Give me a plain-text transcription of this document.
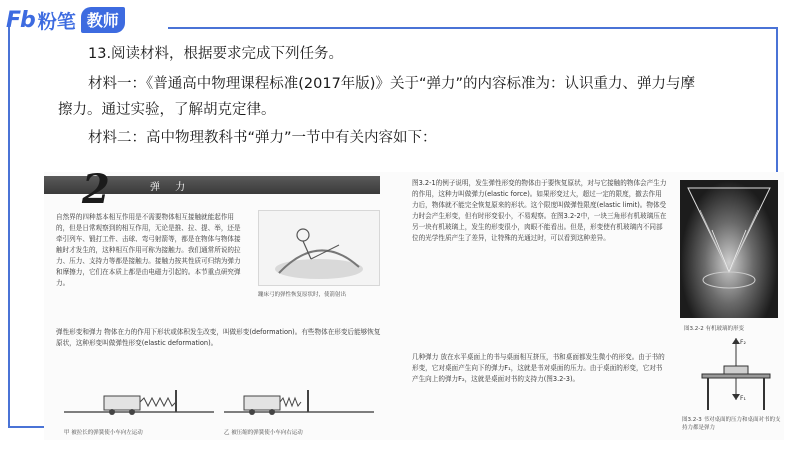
Fb 粉笔 教师
13.阅读材料，根据要求完成下列任务。
材料一：《普通高中物理课程标准(2017年版)》关于“弹力”的内容标准为：认识重力、弹力与摩
擦力。通过实验，了解胡克定律。
材料二：高中物理教科书“弹力”一节中有关内容如下：
2	弹 力
自然界的四种基本相互作用是不需要物体相互接触就能起作用的，但是日常观察到的相互作用，无论是推、拉、提、举，还是牵引列车、锻打工件、击球、弯弓射箭等，都是在物体与物体接触时才发生的，这种相互作用可称为接触力。我们通常所说的拉力、压力、支持力等都是接触力。接触力按其性质可归纳为弹力和摩擦力，它们在本质上都是由电磁力引起的。本节重点研究弹力。
蹦床弓的弹性恢复原状时，使箭射出
弹性形变和弹力 物体在力的作用下形状或体积发生改变，叫做形变(deformation)。有些物体在形变后能够恢复原状，这种形变叫做弹性形变(elastic deformation)。
甲 被拉长的弹簧使小车向左运动	乙 被压缩的弹簧使小车向右运动
图3.2-1的例子说明，发生弹性形变的物体由于要恢复原状，对与它接触的物体会产生力的作用，这种力叫做弹力(elastic force)。如果形变过大，超过一定的限度，撤去作用力后，物体就不能完全恢复原来的形状。这个限度叫做弹性限度(elastic limit)。物体受力时会产生形变，但有时形变很小，不易观察。在图3.2-2中，一块三角形有机玻璃压在另一块有机玻璃上，发生的形变很小，肉眼不能看出。但是，形变使有机玻璃内不同部位的光学性质产生了差异，让特殊的光通过时，可以看到这种差异。
几种弹力 放在水平桌面上的书与桌面相互挤压，书和桌面都发生微小的形变。由于书的形变，它对桌面产生向下的弹力F₁，这就是书对桌面的压力。由于桌面的形变，它对书产生向上的弹力F₂，这就是桌面对书的支持力(图3.2-3)。
图3.2-2 有机玻璃的形变
F₂
F₁
图3.2-3 书对桌面的压力和桌面对书的支持力都是弹力
